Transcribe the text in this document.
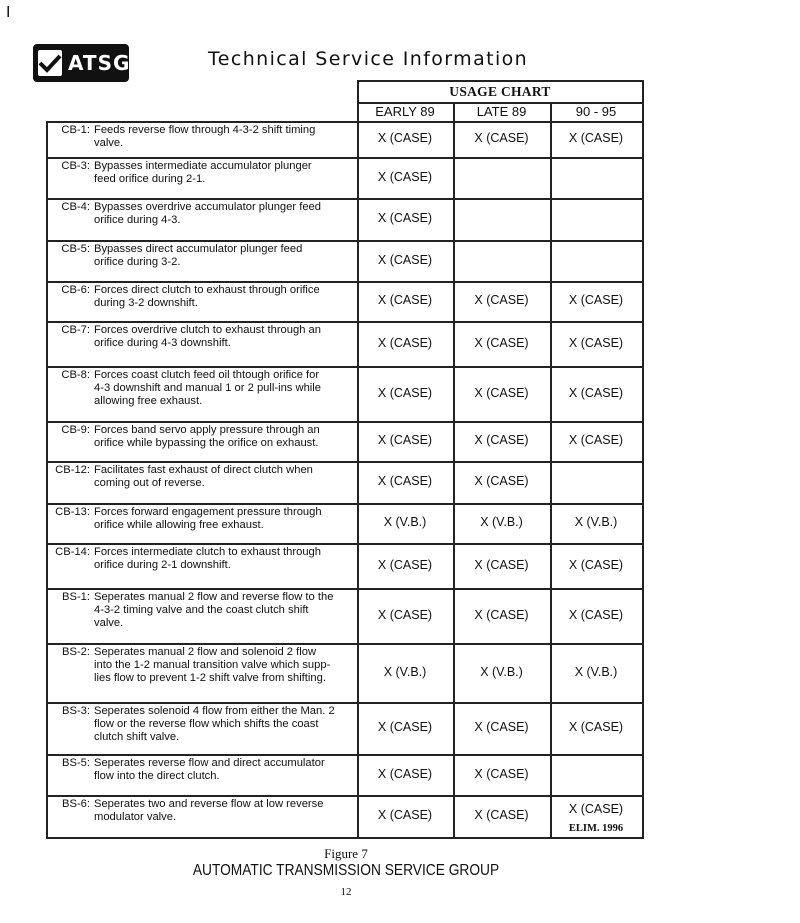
I
ATSG	Technical Service Information
USAGE CHART
EARLY 89	LATE 89	90 - 95
CB-1: Feeds reverse flow through 4-3-2 shift timing
valve.	X (CASE)	X (CASE)	X (CASE)
CB-3: Bypasses intermediate accumulator plunger
feed orifice during 2-1.	X (CASE)
CB-4: Bypasses overdrive accumulator plunger feed
orifice during 4-3.	X (CASE)
CB-5: Bypasses direct accumulator plunger feed
orifice during 3-2.	X (CASE)
CB-6: Forces direct clutch to exhaust through orifice
during 3-2 downshift.	X (CASE)	X (CASE)	X (CASE)
CB-7: Forces overdrive clutch to exhaust through an
orifice during 4-3 downshift.	X (CASE)	X (CASE)	X (CASE)
CB-8: Forces coast clutch feed oil thtough orifice for
4-3 downshift and manual 1 or 2 pull-ins while
allowing free exhaust.
X (CASE)	X (CASE)	X (CASE)
CB-9: Forces band servo apply pressure through an
orifice while bypassing the orifice on exhaust.	X (CASE)	X (CASE)	X (CASE)
CB-12: Facilitates fast exhaust of direct clutch when
coming out of reverse.	X (CASE)	X (CASE)
CB-13: Forces forward engagement pressure through
orifice while allowing free exhaust.	X (V.B.)	X (V.B.)	X (V.B.)
CB-14: Forces intermediate clutch to exhaust through
orifice during 2-1 downshift.	X (CASE)	X (CASE)	X (CASE)
BS-1: Seperates manual 2 flow and reverse flow to the
4-3-2 timing valve and the coast clutch shift
valve.
X (CASE)	X (CASE)	X (CASE)
BS-2: Seperates manual 2 flow and solenoid 2 flow
into the 1-2 manual transition valve which supp-
lies flow to prevent 1-2 shift valve from shifting.	X (V.B.)	X (V.B.)	X (V.B.)
BS-3: Seperates solenoid 4 flow from either the Man. 2
flow or the reverse flow which shifts the coast
clutch shift valve.
X (CASE)	X (CASE)	X (CASE)
BS-5: Seperates reverse flow and direct accumulator
flow into the direct clutch.	X (CASE)	X (CASE)
BS-6: Seperates two and reverse flow at low reverse
modulator valve.	X (CASE)	X (CASE)	X (CASE)
ELIM. 1996
Figure 7
AUTOMATIC TRANSMISSION SERVICE GROUP
12
